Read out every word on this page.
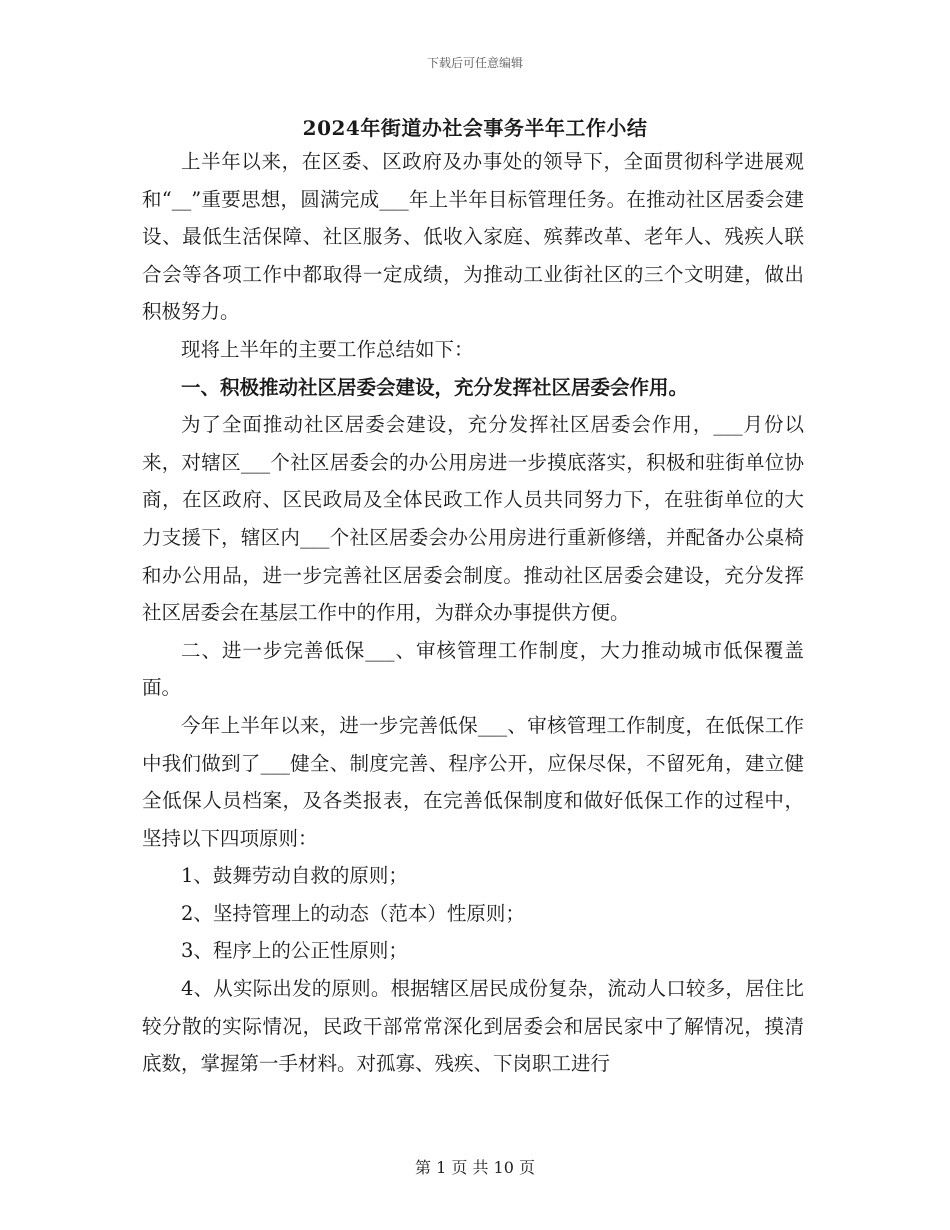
下载后可任意编辑
2024年街道办社会事务半年工作小结

上半年以来，在区委、区政府及办事处的领导下，全面贯彻科学进展观和“__”重要思想，圆满完成___年上半年目标管理任务。在推动社区居委会建设、最低生活保障、社区服务、低收入家庭、殡葬改革、老年人、残疾人联合会等各项工作中都取得一定成绩，为推动工业街社区的三个文明建，做出积极努力。

现将上半年的主要工作总结如下：

一、积极推动社区居委会建设，充分发挥社区居委会作用。

为了全面推动社区居委会建设，充分发挥社区居委会作用，___月份以来，对辖区___个社区居委会的办公用房进一步摸底落实，积极和驻街单位协商，在区政府、区民政局及全体民政工作人员共同努力下，在驻街单位的大力支援下，辖区内___个社区居委会办公用房进行重新修缮，并配备办公桌椅和办公用品，进一步完善社区居委会制度。推动社区居委会建设，充分发挥社区居委会在基层工作中的作用，为群众办事提供方便。

二、进一步完善低保___、审核管理工作制度，大力推动城市低保覆盖面。

今年上半年以来，进一步完善低保___、审核管理工作制度，在低保工作中我们做到了___健全、制度完善、程序公开，应保尽保，不留死角，建立健全低保人员档案，及各类报表，在完善低保制度和做好低保工作的过程中，坚持以下四项原则：

1、鼓舞劳动自救的原则；

2、坚持管理上的动态（范本）性原则；

3、程序上的公正性原则；

4、从实际出发的原则。根据辖区居民成份复杂，流动人口较多，居住比较分散的实际情况，民政干部常常深化到居委会和居民家中了解情况，摸清底数，掌握第一手材料。对孤寡、残疾、下岗职工进行

第 1 页 共 10 页
